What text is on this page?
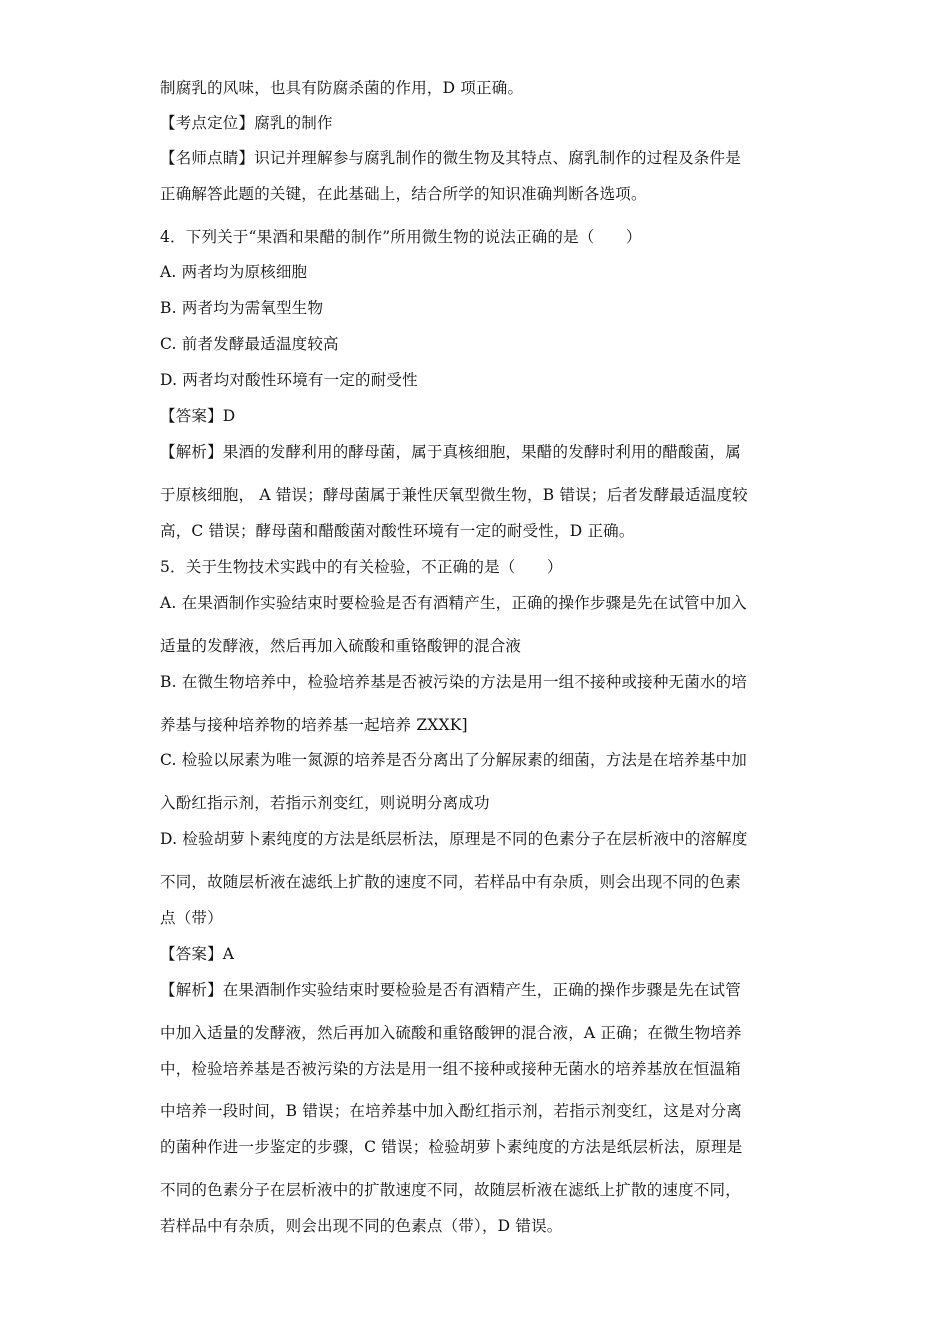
制腐乳的风味，也具有防腐杀菌的作用，D 项正确。
【考点定位】腐乳的制作
【名师点睛】识记并理解参与腐乳制作的微生物及其特点、腐乳制作的过程及条件是
正确解答此题的关键，在此基础上，结合所学的知识准确判断各选项。
4．下列关于“果酒和果醋的制作”所用微生物的说法正确的是（　　）
A. 两者均为原核细胞
B. 两者均为需氧型生物
C. 前者发酵最适温度较高
D. 两者均对酸性环境有一定的耐受性
【答案】D
【解析】果酒的发酵利用的酵母菌，属于真核细胞，果醋的发酵时利用的醋酸菌，属
于原核细胞， A 错误；酵母菌属于兼性厌氧型微生物，B 错误；后者发酵最适温度较
高，C 错误；酵母菌和醋酸菌对酸性环境有一定的耐受性，D 正确。
5．关于生物技术实践中的有关检验，不正确的是（　　）
A. 在果酒制作实验结束时要检验是否有酒精产生，正确的操作步骤是先在试管中加入
适量的发酵液，然后再加入硫酸和重铬酸钾的混合液
B. 在微生物培养中，检验培养基是否被污染的方法是用一组不接种或接种无菌水的培
养基与接种培养物的培养基一起培养 ZXXK]
C. 检验以尿素为唯一氮源的培养是否分离出了分解尿素的细菌，方法是在培养基中加
入酚红指示剂，若指示剂变红，则说明分离成功
D. 检验胡萝卜素纯度的方法是纸层析法，原理是不同的色素分子在层析液中的溶解度
不同，故随层析液在滤纸上扩散的速度不同，若样品中有杂质，则会出现不同的色素
点（带）
【答案】A
【解析】在果酒制作实验结束时要检验是否有酒精产生，正确的操作步骤是先在试管
中加入适量的发酵液，然后再加入硫酸和重铬酸钾的混合液，A 正确；在微生物培养
中，检验培养基是否被污染的方法是用一组不接种或接种无菌水的培养基放在恒温箱
中培养一段时间，B 错误；在培养基中加入酚红指示剂，若指示剂变红，这是对分离
的菌种作进一步鉴定的步骤，C 错误；检验胡萝卜素纯度的方法是纸层析法，原理是
不同的色素分子在层析液中的扩散速度不同，故随层析液在滤纸上扩散的速度不同，
若样品中有杂质，则会出现不同的色素点（带），D 错误。
